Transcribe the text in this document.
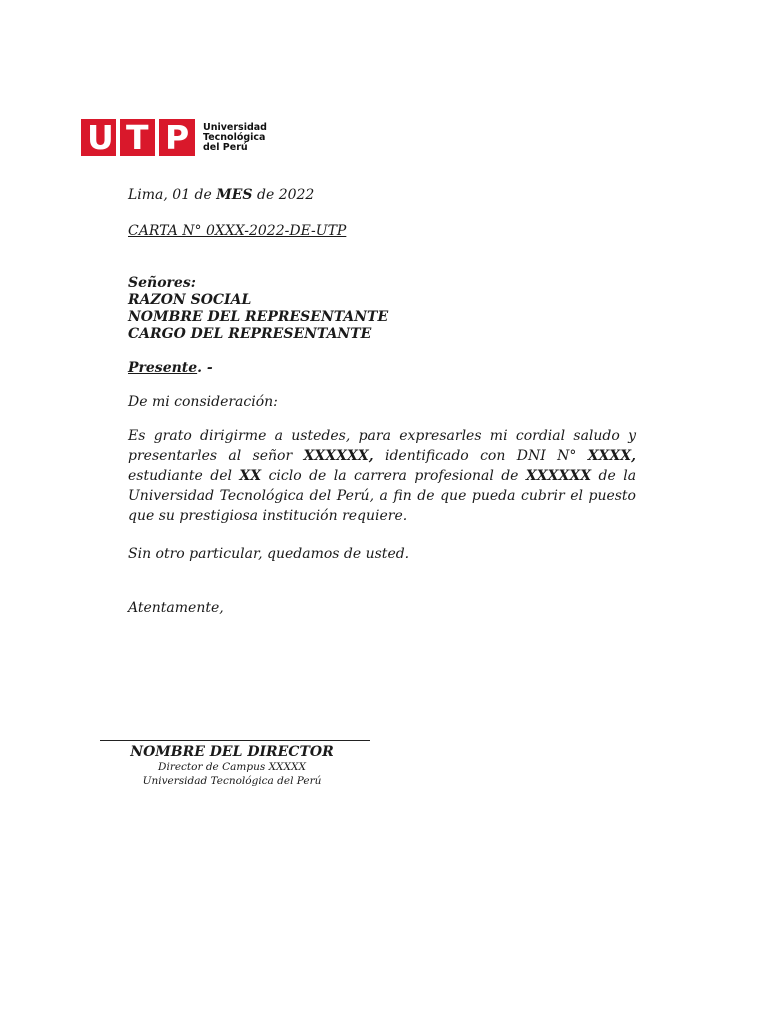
U T P Universidad
Tecnológica
del Perú
Lima, 01 de MES de 2022
CARTA N° 0XXX-2022-DE-UTP
Señores:
RAZON SOCIAL
NOMBRE DEL REPRESENTANTE
CARGO DEL REPRESENTANTE
Presente. -
De mi consideración:
Es grato dirigirme a ustedes, para expresarles mi cordial saludo y presentarles al señor XXXXXX, identificado con DNI N° XXXX, estudiante del XX ciclo de la carrera profesional de XXXXXX de la Universidad Tecnológica del Perú, a fin de que pueda cubrir el puesto que su prestigiosa institución requiere.
Sin otro particular, quedamos de usted.
Atentamente,
NOMBRE DEL DIRECTOR
Director de Campus XXXXX
Universidad Tecnológica del Perú
